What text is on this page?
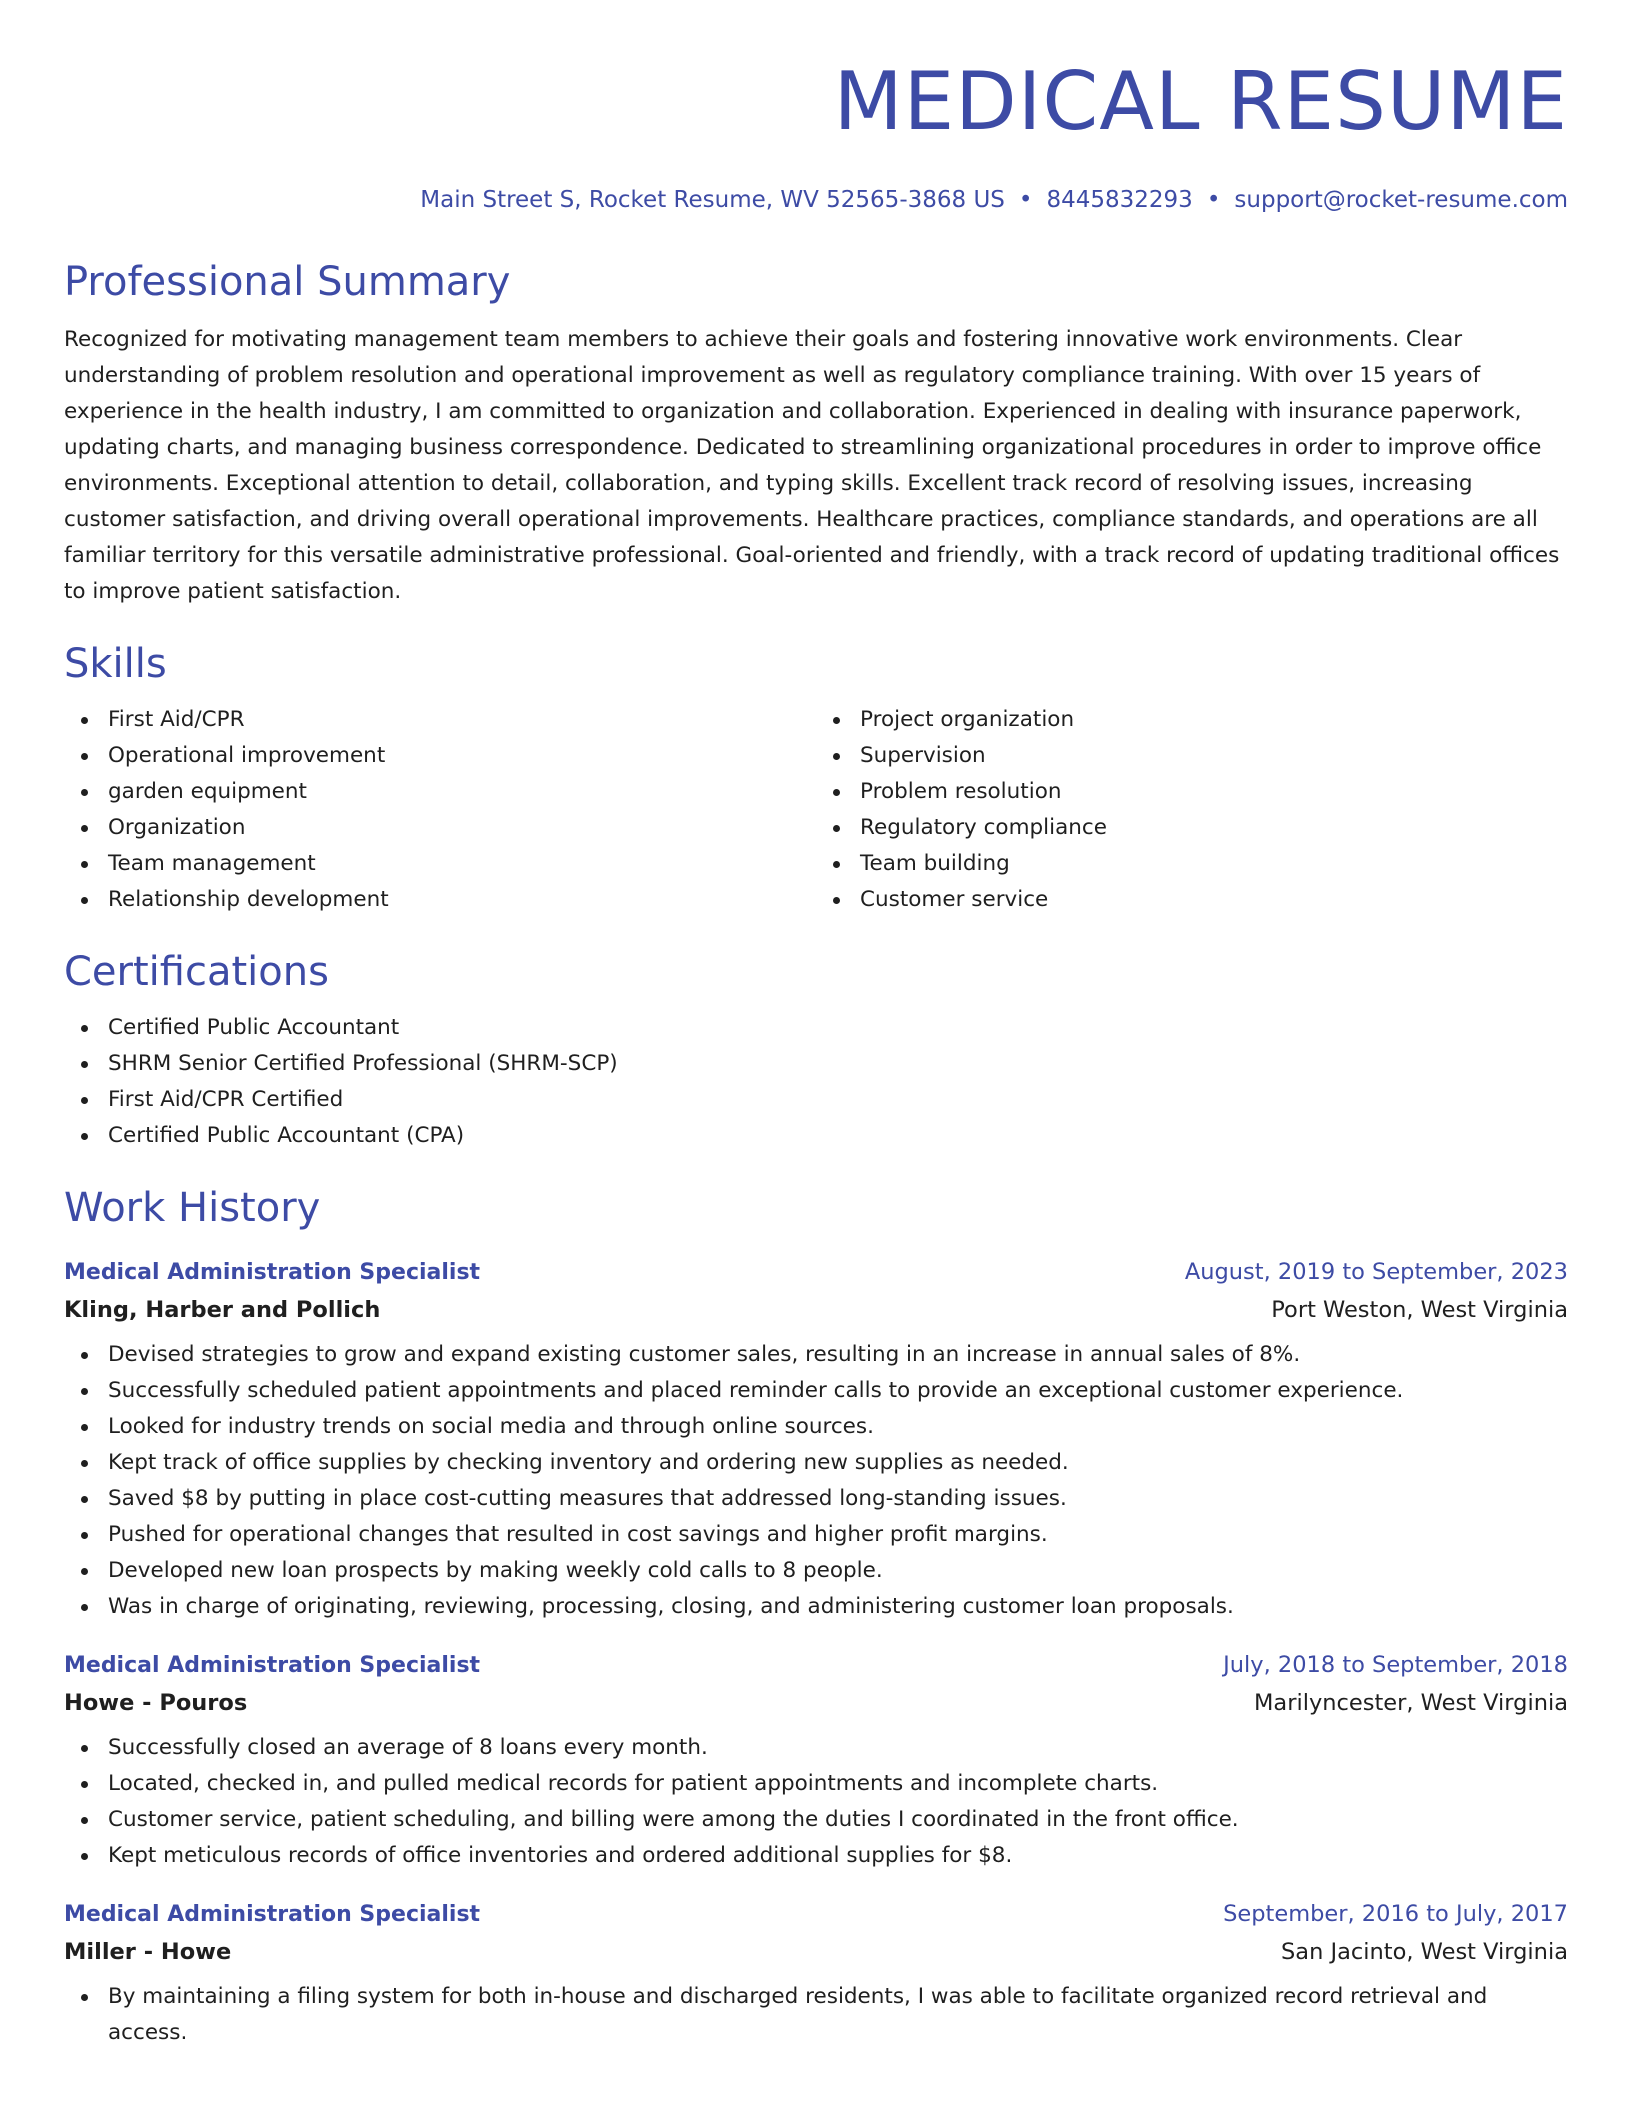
MEDICAL RESUME
Main Street S, Rocket Resume, WV 52565-3868 US • 8445832293 • support@rocket-resume.com
Professional Summary
Recognized for motivating management team members to achieve their goals and fostering innovative work environments. Clear understanding of problem resolution and operational improvement as well as regulatory compliance training. With over 15 years of experience in the health industry, I am committed to organization and collaboration. Experienced in dealing with insurance paperwork, updating charts, and managing business correspondence. Dedicated to streamlining organizational procedures in order to improve office environments. Exceptional attention to detail, collaboration, and typing skills. Excellent track record of resolving issues, increasing customer satisfaction, and driving overall operational improvements. Healthcare practices, compliance standards, and operations are all familiar territory for this versatile administrative professional. Goal-oriented and friendly, with a track record of updating traditional offices to improve patient satisfaction.
Skills
First Aid/CPR
Operational improvement
garden equipment
Organization
Team management
Relationship development
Project organization
Supervision
Problem resolution
Regulatory compliance
Team building
Customer service
Certifications
Certified Public Accountant
SHRM Senior Certified Professional (SHRM-SCP)
First Aid/CPR Certified
Certified Public Accountant (CPA)
Work History
Medical Administration Specialist	August, 2019 to September, 2023
Kling, Harber and Pollich	Port Weston, West Virginia
Devised strategies to grow and expand existing customer sales, resulting in an increase in annual sales of 8%.
Successfully scheduled patient appointments and placed reminder calls to provide an exceptional customer experience.
Looked for industry trends on social media and through online sources.
Kept track of office supplies by checking inventory and ordering new supplies as needed.
Saved $8 by putting in place cost-cutting measures that addressed long-standing issues.
Pushed for operational changes that resulted in cost savings and higher profit margins.
Developed new loan prospects by making weekly cold calls to 8 people.
Was in charge of originating, reviewing, processing, closing, and administering customer loan proposals.
Medical Administration Specialist	July, 2018 to September, 2018
Howe - Pouros	Marilyncester, West Virginia
Successfully closed an average of 8 loans every month.
Located, checked in, and pulled medical records for patient appointments and incomplete charts.
Customer service, patient scheduling, and billing were among the duties I coordinated in the front office.
Kept meticulous records of office inventories and ordered additional supplies for $8.
Medical Administration Specialist	September, 2016 to July, 2017
Miller - Howe	San Jacinto, West Virginia
By maintaining a filing system for both in-house and discharged residents, I was able to facilitate organized record retrieval and access.
